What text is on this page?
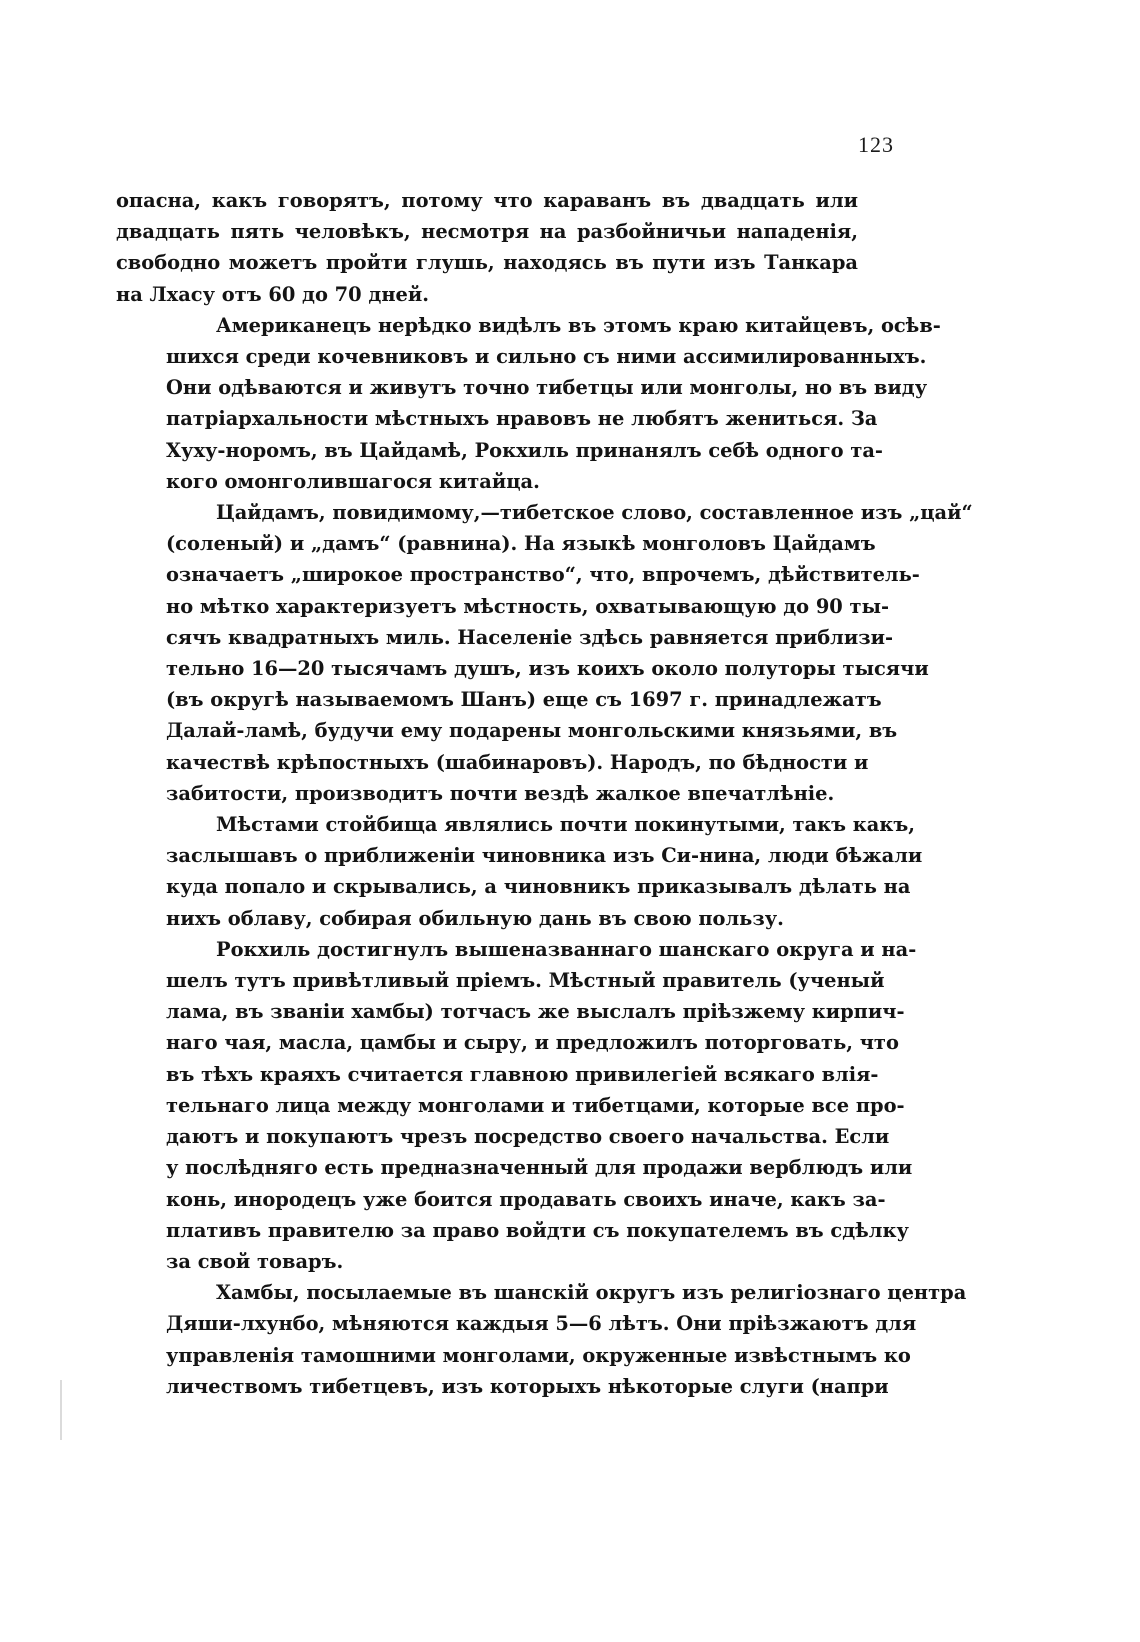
123
опасна, какъ говорятъ, потому что караванъ въ двадцать или
двадцать пять человѣкъ, несмотря на разбойничьи нападенія,
свободно можетъ пройти глушь, находясь въ пути изъ Танкара
на Лхасу отъ 60 до 70 дней.
Американецъ нерѣдко видѣлъ въ этомъ краю китайцевъ, осѣв-
шихся среди кочевниковъ и сильно съ ними ассимилированныхъ.
Они одѣваются и живутъ точно тибетцы или монголы, но въ виду
патріархальности мѣстныхъ нравовъ не любятъ жениться. За
Хуху-норомъ, въ Цайдамѣ, Рокхиль принанялъ себѣ одного та-
кого омонголившагося китайца.
Цайдамъ, повидимому,—тибетское слово, составленное изъ „цай“
(соленый) и „дамъ“ (равнина). На языкѣ монголовъ Цайдамъ
означаетъ „широкое пространство“, что, впрочемъ, дѣйствитель-
но мѣтко характеризуетъ мѣстность, охватывающую до 90 ты-
сячъ квадратныхъ миль. Населеніе здѣсь равняется приблизи-
тельно 16—20 тысячамъ душъ, изъ коихъ около полуторы тысячи
(въ округѣ называемомъ Шанъ) еще съ 1697 г. принадлежатъ
Далай-ламѣ, будучи ему подарены монгольскими князьями, въ
качествѣ крѣпостныхъ (шабинаровъ). Народъ, по бѣдности и
забитости, производитъ почти вездѣ жалкое впечатлѣніе.
Мѣстами стойбища являлись почти покинутыми, такъ какъ,
заслышавъ о приближеніи чиновника изъ Си-нина, люди бѣжали
куда попало и скрывались, а чиновникъ приказывалъ дѣлать на
нихъ облаву, собирая обильную дань въ свою пользу.
Рокхиль достигнулъ вышеназваннаго шанскаго округа и на-
шелъ тутъ привѣтливый пріемъ. Мѣстный правитель (ученый
лама, въ званіи хамбы) тотчасъ же выслалъ пріѣзжему кирпич-
наго чая, масла, цамбы и сыру, и предложилъ поторговать, что
въ тѣхъ краяхъ считается главною привилегіей всякаго влія-
тельнаго лица между монголами и тибетцами, которые все про-
даютъ и покупаютъ чрезъ посредство своего начальства. Если
у послѣдняго есть предназначенный для продажи верблюдъ или
конь, инородецъ уже боится продавать своихъ иначе, какъ за-
плативъ правителю за право войдти съ покупателемъ въ сдѣлку
за свой товаръ.
Хамбы, посылаемые въ шанскій округъ изъ религіознаго центра
Дяши-лхунбо, мѣняются каждыя 5—6 лѣтъ. Они пріѣзжаютъ для
управленія тамошними монголами, окруженные извѣстнымъ ко
личествомъ тибетцевъ, изъ которыхъ нѣкоторые слуги (напри
